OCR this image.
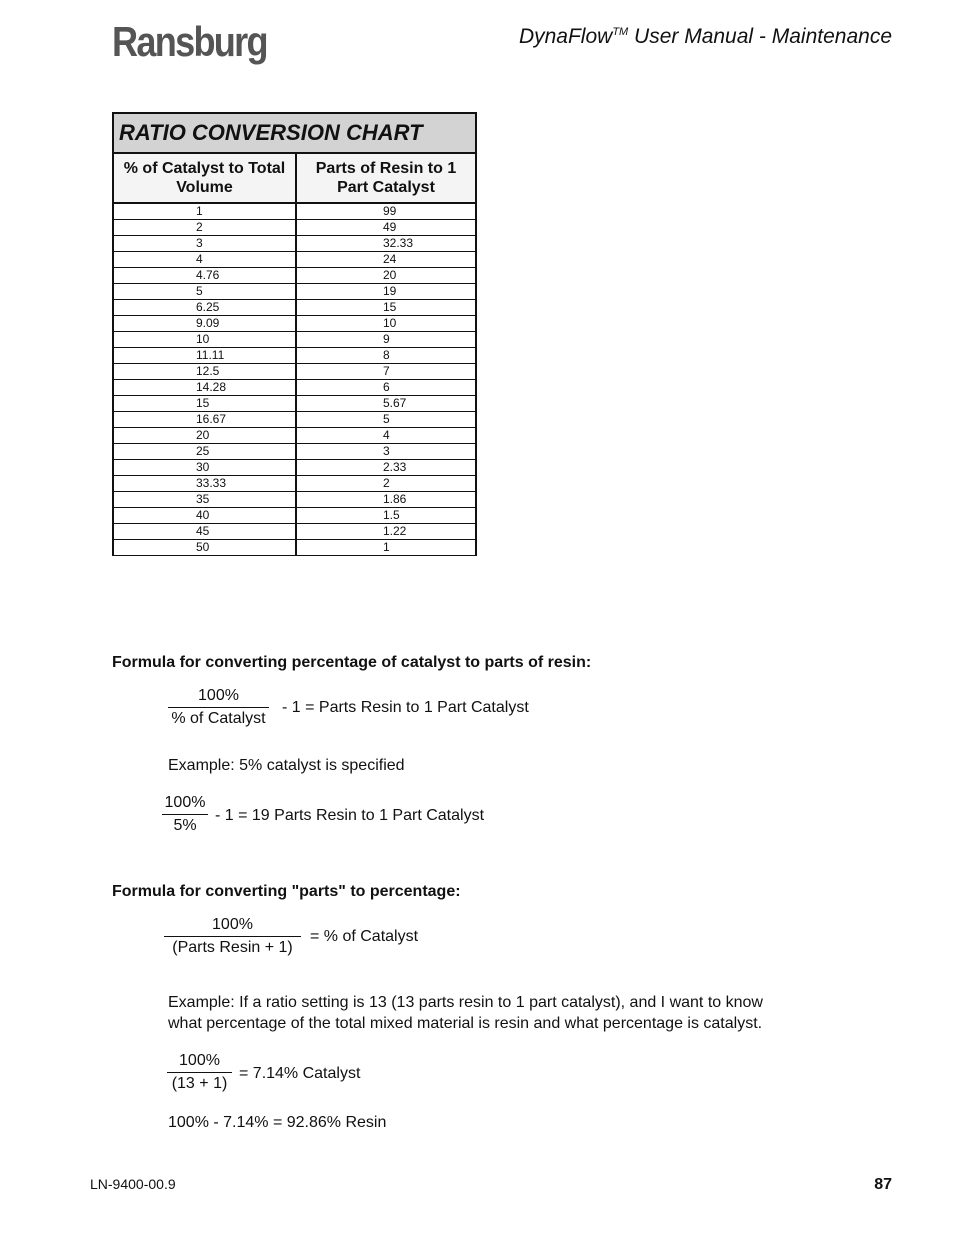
Ransburg	DynaFlow™ User Manual - Maintenance
RATIO CONVERSION CHART	
% of Catalyst to Total Volume	Parts of Resin to 1 Part Catalyst
1	99
2	49
3	32.33
4	24
4.76	20
5	19
6.25	15
9.09	10
10	9
11.11	8
12.5	7
14.28	6
15	5.67
16.67	5
20	4
25	3
30	2.33
33.33	2
35	1.86
40	1.5
45	1.22
50	1
Formula for converting percentage of catalyst to parts of resin:
100%
% of Catalyst
- 1 = Parts Resin to 1 Part Catalyst
Example: 5% catalyst is specified
100%
5%
- 1 = 19 Parts Resin to 1 Part Catalyst
Formula for converting "parts" to percentage:
100%
(Parts Resin + 1)
= % of Catalyst
Example: If a ratio setting is 13 (13 parts resin to 1 part catalyst), and I want to know
what percentage of the total mixed material is resin and what percentage is catalyst.
100%
(13 + 1)
= 7.14% Catalyst
100% - 7.14% = 92.86% Resin
LN-9400-00.9	87
